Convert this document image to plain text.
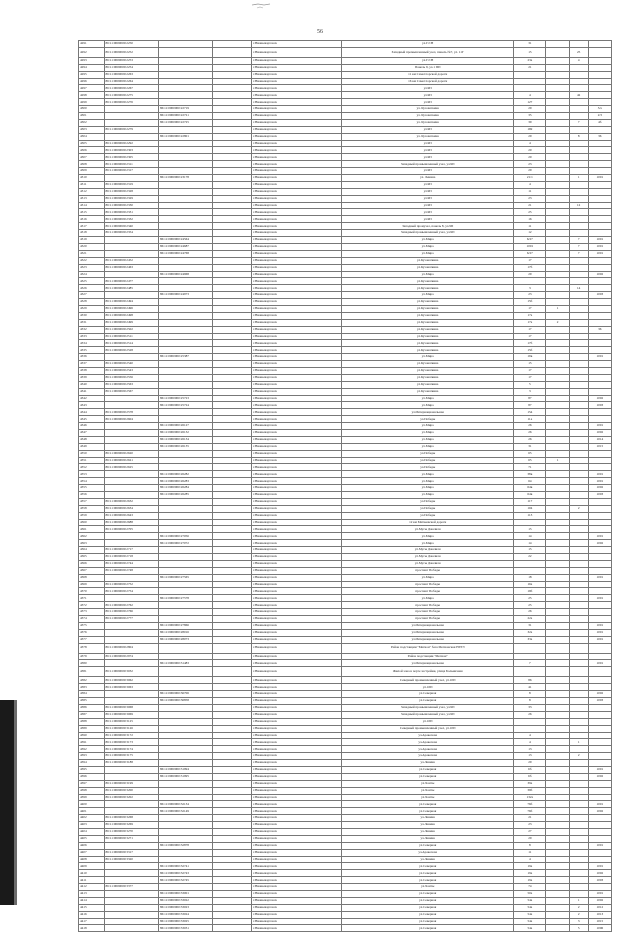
56
4291	86:11:0000000:2250			г.Нижневартовск	ул.Г.Г.Н	31			
4292	86:11:0000000:2252			г.Нижневартовск	Западный промышленный узел, панель №7, ул. 11Г	15		25	
4293	86:11:0000000:2253			г.Нижневартовск	ул.Г.Г.Н	23а		4	
4294	86:11:0000000:2254			г.Нижневартовск	Панель 9, ул.1 ПП	21			
4295	86:11:0000000:2263			г.Нижневартовск	11 км Самотлорской дороги				
4296	86:11:0000000:2264			г.Нижневартовск	16 км Самотлорской дороги				
4297	86:11:0000000:2267			г.Нижневартовск	ул.9П				
4298	86:11:0000000:2275			г.Нижневартовск	ул.9П	4		42	
4299	86:11:0000000:2276			г.Нижневартовск	ул.9П	127			
4300		86:11:0000000:22719		г.Нижневартовск	ул. Кузоваткина	29			3/а
4301		86:11:0000000:22721		г.Нижневартовск	ул. Кузоваткина	35			2/3
4302		86:11:0000000:22725		г.Нижневартовск	ул. Кузоваткина	39		7	4б
4303	86:11:0000000:2279			г.Нижневартовск	ул.9П	169			
4304		86:11:0000000:22801		г.Нижневартовск	ул. Кузоваткина	29		8	36
4305	86:11:0000000:2292			г.Нижневартовск	ул.9П	4			
4306	86:11:0000000:2303			г.Нижневартовск	ул.9П	20			
4307	86:11:0000000:2305			г.Нижневартовск	ул.9П	20			
4308	86:11:0000000:2311			г.Нижневартовск	Западный промышленный узел, ул.9П	23			
4309	86:11:0000000:2317			г.Нижневартовск	ул.9П	29			
4310		86:11:0000000:23178		г.Нижневартовск	ул. Ленина	21/1		1	1001
4311	86:11:0000000:2319			г.Нижневартовск	ул.9П	4			
4312	86:11:0000000:2328			г.Нижневартовск	ул.9П	11			
4313	86:11:0000000:2329			г.Нижневартовск	ул.9П	23			
4314	86:11:0000000:2330			г.Нижневартовск	ул.9П	21		12	
4315	86:11:0000000:2331			г.Нижневартовск	ул.9П	25			
4316	86:11:0000000:2332			г.Нижневартовск	ул.9П	16			
4317	86:11:0000000:2340			г.Нижневартовск	Западный промузел, панель 8, ул.9П	11			
4318	86:11:0000000:2354			г.Нижневартовск	Западный промышленный узел, ул.9П	12			
4319		86:11:0000000:24564		г.Нижневартовск	ул.Мира	6/27		7	1001
4320		86:11:0000000:24687		г.Нижневартовск	ул.Мира	1001		7	1001
4321		86:11:0000000:24768		г.Нижневартовск	ул.Мира	6/27		7	1001
4322	86:11:0000000:2452			г.Нижневартовск	ул.Кузоваткина	17			
4323	86:11:0000000:2463			г.Нижневартовск	ул.Кузоваткина	17б			
4324		86:11:0000000:24968		г.Нижневартовск	ул.Мира	29			1002
4325	86:11:0000000:2477			г.Нижневартовск	ул.Кузоваткина				
4326	86:11:0000000:2485			г.Нижневартовск	ул.Кузоваткина	3		14	
4327		86:11:0000000:24973		г.Нижневартовск	ул.Мира	23			1003
4328	86:11:0000000:2494			г.Нижневартовск	ул.Кузоваткина	15б			
4329	86:11:0000000:2496			г.Нижневартовск	ул.Кузоваткина	17	1		
4330	86:11:0000000:2498			г.Нижневартовск	ул.Кузоваткина	17а			
4331	86:11:0000000:2499			г.Нижневартовск	ул.Кузоваткина	17а	2		
4332	86:11:0000000:2502			г.Нижневартовск	ул.Кузоваткина	17			36
4333	86:11:0000000:2511			г.Нижневартовск	ул.Кузоваткина	17			
4334	86:11:0000000:2514			г.Нижневартовск	ул.Кузоваткина	17б			
4335	86:11:0000000:2528			г.Нижневартовск	ул.Кузоваткина	15б			
4336		86:11:0000000:25387		г.Нижневартовск	ул.Мира	19в			1001
4337	86:11:0000000:2540			г.Нижневартовск	ул.Кузоваткина	15			
4338	86:11:0000000:2543			г.Нижневартовск	ул.Кузоваткина	17			
4339	86:11:0000000:2556			г.Нижневартовск	ул.Кузоваткина	17			
4340	86:11:0000000:2563			г.Нижневартовск	ул.Кузоваткина	5			
4341	86:11:0000000:2567			г.Нижневартовск	ул.Кузоваткина	3			
4342		86:11:0000000:25723		г.Нижневартовск	ул.Мира	87			1002
4343		86:11:0000000:25724		г.Нижневартовск	ул.Мира	87			1003
4344	86:11:0000000:2578			г.Нижневартовск	ул.Интернациональная	154			
4345	86:11:0000000:2604			г.Нижневартовск	ул.Победы	11а			
4346		86:11:0000000:26127		г.Нижневартовск	ул.Мира	26			1001
4347		86:11:0000000:26132		г.Нижневартовск	ул.Мира	26			1002
4348		86:11:0000000:26134		г.Нижневартовск	ул.Мира	26			1014
4349		86:11:0000000:26135		г.Нижневартовск	ул.Мира	31			1015
4350	86:11:0000000:2620			г.Нижневартовск	ул.Победы	65			
4351	86:11:0000000:2621			г.Нижневартовск	ул.Победы	65	1		
4352	86:11:0000000:2625			г.Нижневартовск	ул.Победы	71			
4353		86:11:0000000:26282		г.Нижневартовск	ул.Мира	38в			1001
4354		86:11:0000000:26283		г.Нижневартовск	ул.Мира	64			1001
4355		86:11:0000000:26284		г.Нижневартовск	ул.Мира	64в			1002
4356		86:11:0000000:26285		г.Нижневартовск	ул.Мира	64в			1003
4357	86:11:0000000:2632			г.Нижневартовск	ул.Победы	117			
4358	86:11:0000000:2634			г.Нижневартовск	ул.Победы	104		2	
4359	86:11:0000000:2643			г.Нижневартовск	ул.Победы	113			
4360	86:11:0000000:2688			г.Нижневартовск	12 км Матвеевской дороги				
4361	86:11:0000000:2705			г.Нижневартовск	ул.Мусы Джалиля	15			
4362		86:11:0000000:27056		г.Нижневартовск	ул.Мира	14			1001
4363		86:11:0000000:27072		г.Нижневартовск	ул.Мира	14			1002
4364	86:11:0000000:2717			г.Нижневартовск	ул.Мусы Джалиля	15			
4365	86:11:0000000:2718			г.Нижневартовск	ул.Мусы Джалиля	22			
4366	86:11:0000000:2744			г.Нижневартовск	ул.Мусы Джалиля				
4367	86:11:0000000:2748			г.Нижневартовск	проспект Победы				
4368		86:11:0000000:27565		г.Нижневартовск	ул.Мира	18			1001
4369	86:11:0000000:2752			г.Нижневартовск	проспект Победы	16а			
4370	86:11:0000000:2754			г.Нижневартовск	проспект Победы	19б			
4371		86:11:0000000:27578		г.Нижневартовск	ул.Мира	25			1001
4372	86:11:0000000:2762			г.Нижневартовск	проспект Победы	25			
4373	86:11:0000000:2766			г.Нижневартовск	проспект Победы	26			
4374	86:11:0000000:2777			г.Нижневартовск	проспект Победы	22а			
4375		86:11:0000000:27866		г.Нижневартовск	ул.Интернациональная	31			1001
4376		86:11:0000000:28016		г.Нижневартовск	ул.Интернациональная	32а			1001
4377		86:11:0000000:28073		г.Нижневартовск	ул.Интернациональная	33а			1001
4378	86:11:0000000:2804			г.Нижневартовск	Район подстанции "Мегион" база Мегионская НГРЭ				
4379	86:11:0000000:2974			г.Нижневартовск	Район подстанции "Мегион"				
4380		86:11:0000000:31483		г.Нижневартовск	ул.Интернациональная	7			1001
4381	86:11:0000000:3032			г.Нижневартовск	Жилой зона в черте застройки, улица Больничная				
4382	86:11:0000000:3062			г.Нижневартовск	Северный промышленный узел, ул.10П	86			
4383	86:11:0000000:3063			г.Нижневартовск	ул.10П	41			
4384		86:11:0000000:36706		г.Нижневартовск	ул.Северная	8			1002
4385		86:11:0000000:36858		г.Нижневартовск	ул.Северная	8			1003
4386	86:11:0000000:3068			г.Нижневартовск	Западный промышленный узел, ул.9П	33			
4387	86:11:0000000:3069			г.Нижневартовск	Западный промышленный узел, ул.9П	26			
4388	86:11:0000000:3125			г.Нижневартовск	ул.10П				
4389	86:11:0000000:3126			г.Нижневартовск	Северный промышленный узел, ул.10П				
4390	86:11:0000000:3172			г.Нижневартовск	ул.Аракелова	4			
4391	86:11:0000000:3173			г.Нижневартовск	ул.Аракелова	4		1	
4392	86:11:0000000:3174			г.Нижневартовск	ул.Аракелова	13			
4393	86:11:0000000:3175			г.Нижневартовск	ул.Аракелова	13		2	
4394	86:11:0000000:3188			г.Нижневартовск	ул.Ленина	29			
4395		86:11:0000000:31994		г.Нижневартовск	ул.Северная	6б			1001
4396		86:11:0000000:31995		г.Нижневартовск	ул.Северная	6б			1002
4397	86:11:0000000:3199			г.Нижневартовск	ул.Ханты	39а			
4398	86:11:0000000:3200			г.Нижневартовск	ул.Ханты	39б			
4399	86:11:0000000:3202			г.Нижневартовск	ул.Ханты	132а			
4400		86:11:0000000:32134		г.Нижневартовск	ул.Северная	76б			1001
4401		86:11:0000000:32149		г.Нижневартовск	ул.Северная	76б			1002
4402	86:11:0000000:3268			г.Нижневартовск	ул.Ленина	21			
4403	86:11:0000000:3269			г.Нижневартовск	ул.Ленина	23			
4404	86:11:0000000:3270			г.Нижневартовск	ул.Ленина	27			
4405	86:11:0000000:3271			г.Нижневартовск	ул.Ленина	29			
4406		86:11:0000000:32878		г.Нижневартовск	ул.Северная	8			1001
4407	86:11:0000000:3317			г.Нижневартовск	ул.Аракелова	11			
4408	86:11:0000000:3320			г.Нижневартовск	ул.Ленина	4			
4409		86:11:0000000:32741		г.Нижневартовск	ул.Северная	19а			1001
4410		86:11:0000000:32743		г.Нижневартовск	ул.Северная	19а			1002
4411		86:11:0000000:32745		г.Нижневартовск	ул.Северная	19а			1003
4412	86:11:0000000:3377			г.Нижневартовск	ул.Ханты	74			
4413		86:11:0000000:33001		г.Нижневартовск	ул.Северная	50а			1001
4414		86:11:0000000:33022		г.Нижневартовск	ул.Северная	54а		1	1002
4415		86:11:0000000:33023		г.Нижневартовск	ул.Северная	54а		2	1012
4416		86:11:0000000:33024		г.Нижневартовск	ул.Северная	54а		2	1013
4417		86:11:0000000:33025		г.Нижневартовск	ул.Северная	54а		3	1015
4418		86:11:0000000:33031		г.Нижневартовск	ул.Северная	54а		5	1006
